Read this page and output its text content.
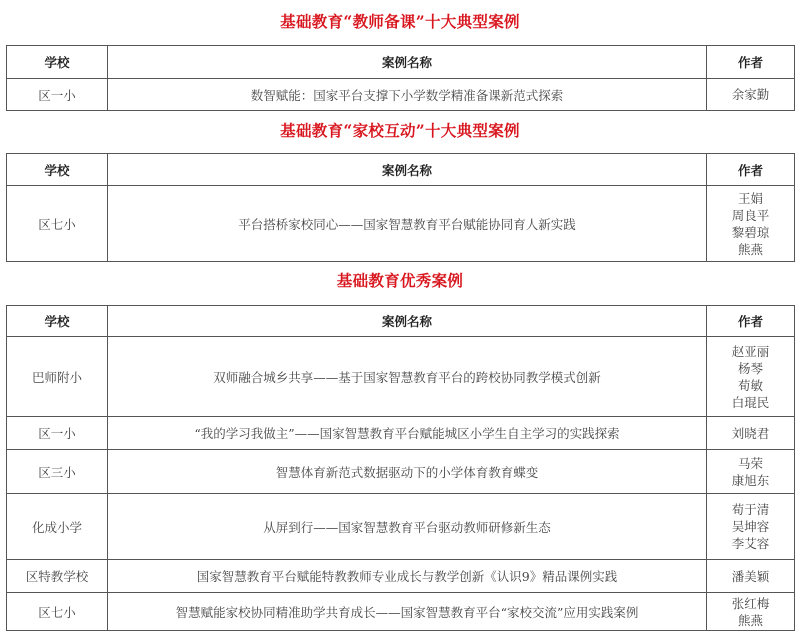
基础教育“教师备课”十大典型案例
学校	案例名称	作者
区一小	数智赋能：国家平台支撑下小学数学精准备课新范式探索	余家勤
基础教育“家校互动”十大典型案例
学校	案例名称	作者
区七小	平台搭桥家校同心——国家智慧教育平台赋能协同育人新实践	王娟
周良平
黎碧琼
熊燕
基础教育优秀案例
学校	案例名称	作者
巴师附小	双师融合城乡共享——基于国家智慧教育平台的跨校协同教学模式创新	赵亚丽
杨琴
荀敏
白琨民

区一小	“我的学习我做主”——国家智慧教育平台赋能城区小学生自主学习的实践探索	刘晓君

区三小	智慧体育新范式数据驱动下的小学体育教育蝶变	马荣
康旭东

化成小学	从屏到行——国家智慧教育平台驱动教师研修新生态	荀于清
吴坤容
李艾容

区特教学校	国家智慧教育平台赋能特教教师专业成长与教学创新《认识9》精品课例实践	潘美颖

区七小	智慧赋能家校协同精准助学共育成长——国家智慧教育平台“家校交流”应用实践案例	张红梅
熊燕
